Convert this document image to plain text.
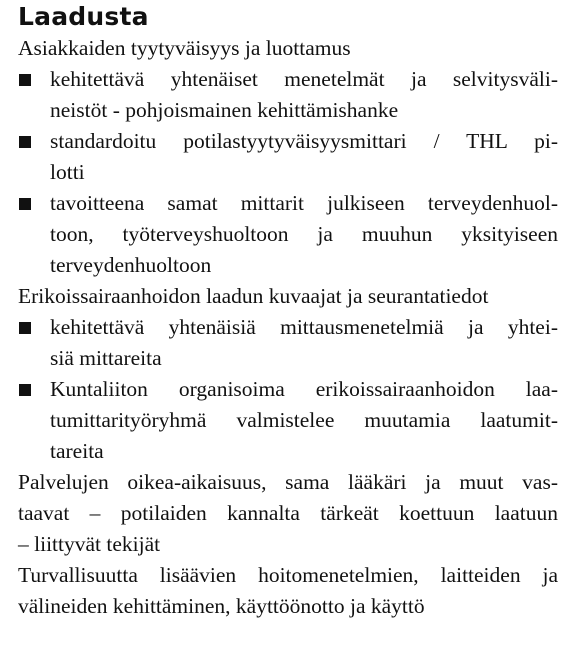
Laadusta
Asiakkaiden tyytyväisyys ja luottamus
kehitettävä yhtenäiset menetelmät ja selvitysväli-
neistöt - pohjoismainen kehittämishanke
standardoitu potilastyytyväisyysmittari / THL pi-
lotti
tavoitteena samat mittarit julkiseen terveydenhuol-
toon, työterveyshuoltoon ja muuhun yksityiseen
terveydenhuoltoon
Erikoissairaanhoidon laadun kuvaajat ja seurantatiedot
kehitettävä yhtenäisiä mittausmenetelmiä ja yhtei-
siä mittareita
Kuntaliiton organisoima erikoissairaanhoidon laa-
tumittarityöryhmä valmistelee muutamia laatumit-
tareita
Palvelujen oikea-aikaisuus, sama lääkäri ja muut vas-
taavat – potilaiden kannalta tärkeät koettuun laatuun
– liittyvät tekijät
Turvallisuutta lisäävien hoitomenetelmien, laitteiden ja
välineiden kehittäminen, käyttöönotto ja käyttö
